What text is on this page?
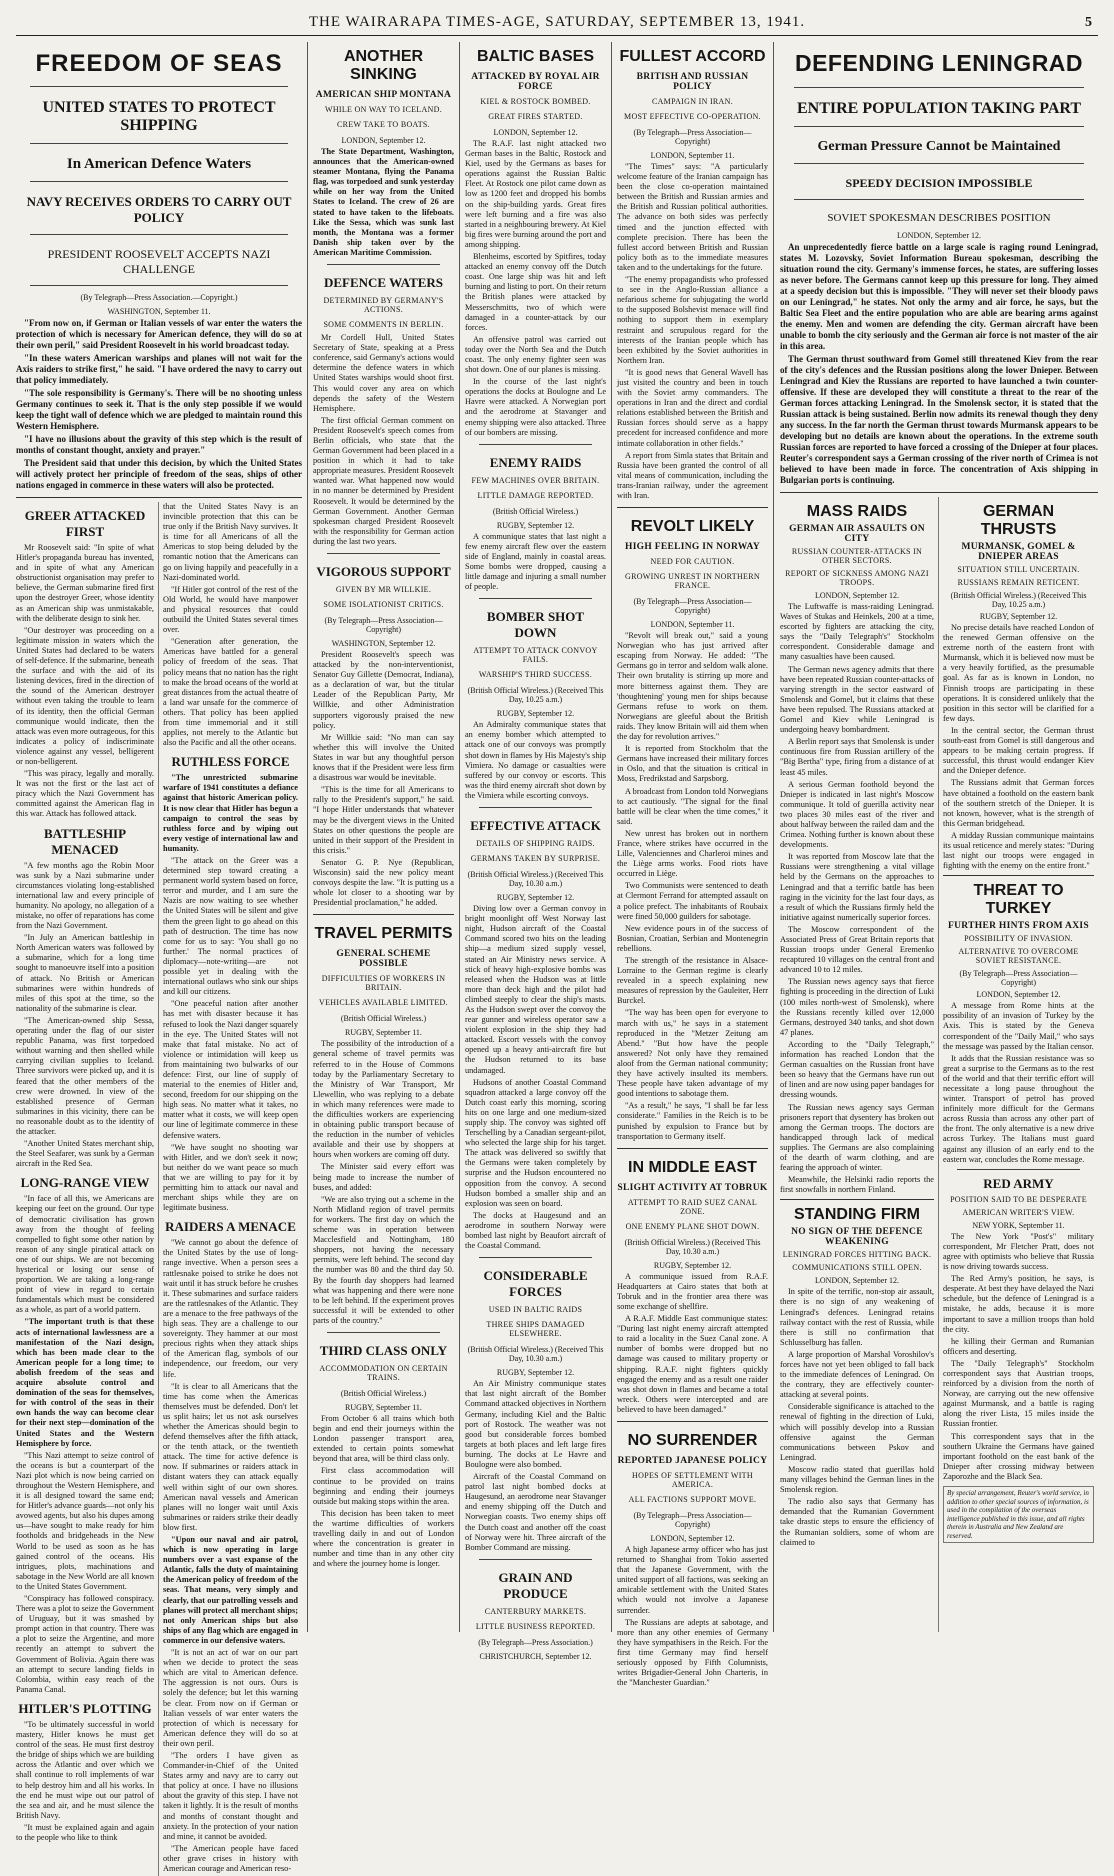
THE WAIRARAPA TIMES-AGE, SATURDAY, SEPTEMBER 13, 1941.	5
FREEDOM OF SEAS
UNITED STATES TO PROTECT SHIPPING
In American Defence Waters
NAVY RECEIVES ORDERS TO CARRY OUT POLICY
PRESIDENT ROOSEVELT ACCEPTS NAZI CHALLENGE
(By Telegraph—Press Association.—Copyright.)
WASHINGTON, September 11.

"From now on, if German or Italian vessels of war enter the waters the protection of which is necessary for American defence, they will do so at their own peril," said President Roosevelt in his world broadcast today.

"In these waters American warships and planes will not wait for the Axis raiders to strike first," he said. "I have ordered the navy to carry out that policy immediately.

"The sole responsibility is Germany's. There will be no shooting unless Germany continues to seek it. That is the only step possible if we would keep the tight wall of defence which we are pledged to maintain round this Western Hemisphere.

"I have no illusions about the gravity of this step which is the result of months of constant thought, anxiety and prayer."

The President said that under this decision, by which the United States will actively protect her principle of freedom of the seas, ships of other nations engaged in commerce in these waters will also be protected.

GREER ATTACKED FIRST

Mr Roosevelt said: "In spite of what Hitler's propaganda bureau has invented, and in spite of what any American obstructionist organisation may prefer to believe, the German submarine fired first upon the destroyer Greer, whose identity as an American ship was unmistakable, with the deliberate design to sink her.

"Our destroyer was proceeding on a legitimate mission in waters which the United States had declared to be waters of self-defence. If the submarine, beneath the surface and with the aid of its listening devices, fired in the direction of the sound of the American destroyer without even taking the trouble to learn of its identity, then the official German communique would indicate, then the attack was even more outrageous, for this indicates a policy of indiscriminate violence against any vessel, belligerent or non-belligerent.

"This was piracy, legally and morally. It was not the first or the last act of piracy which the Nazi Government has committed against the American flag in this war. Attack has followed attack.

BATTLESHIP MENACED

"A few months ago the Robin Moor was sunk by a Nazi submarine under circumstances violating long-established international law and every principle of humanity. No apology, no allegation of a mistake, no offer of reparations has come from the Nazi Government.

"In July an American battleship in North American waters was followed by a submarine, which for a long time sought to manoeuvre itself into a position of attack. No British or American submarines were within hundreds of miles of this spot at the time, so the nationality of the submarine is clear.

"The American-owned ship Sessa, operating under the flag of our sister republic Panama, was first torpedoed without warning and then shelled while carrying civilian supplies to Iceland. Three survivors were picked up, and it is feared that the other members of the crew were drowned. In view of the established presence of German submarines in this vicinity, there can be no reasonable doubt as to the identity of the attacker.

"Another United States merchant ship, the Steel Seafarer, was sunk by a German aircraft in the Red Sea.

LONG-RANGE VIEW

"In face of all this, we Americans are keeping our feet on the ground. Our type of democratic civilisation has grown away from the thought of feeling compelled to fight some other nation by reason of any single piratical attack on one of our ships. We are not becoming hysterical or losing our sense of proportion. We are taking a long-range point of view in regard to certain fundamentals which must be considered as a whole, as part of a world pattern.

"The important truth is that these acts of international lawlessness are a manifestation of the Nazi design, which has been made clear to the American people for a long time; to abolish freedom of the seas and acquire absolute control and domination of the seas for themselves, for with control of the seas in their own hands the way can become clear for their next step—domination of the United States and the Western Hemisphere by force.

"This Nazi attempt to seize control of the oceans is but a counterpart of the Nazi plot which is now being carried on throughout the Western Hemisphere, and it is all designed toward the same end; for Hitler's advance guards—not only his avowed agents, but also his dupes among us—have sought to make ready for him footholds and bridgeheads in the New World to be used as soon as he has gained control of the oceans. His intrigues, plots, machinations and sabotage in the New World are all known to the United States Government.

"Conspiracy has followed conspiracy. There was a plot to seize the Government of Uruguay, but it was smashed by prompt action in that country. There was a plot to seize the Argentine, and more recently an attempt to subvert the Government of Bolivia. Again there was an attempt to secure landing fields in Colombia, within easy reach of the Panama Canal.

HITLER'S PLOTTING

"To be ultimately successful in world mastery, Hitler knows he must get control of the seas. He must first destroy the bridge of ships which we are building across the Atlantic and over which we shall continue to roll implements of war to help destroy him and all his works. In the end he must wipe out our patrol of the sea and air, and he must silence the British Navy.

"It must be explained again and again to the people who like to think

that the United States Navy is an invincible protection that this can be true only if the British Navy survives. It is time for all Americans of all the Americas to stop being deluded by the romantic notion that the Americans can go on living happily and peacefully in a Nazi-dominated world.

"If Hitler got control of the rest of the Old World, he would have manpower and physical resources that could outbuild the United States several times over.

"Generation after generation, the Americas have battled for a general policy of freedom of the seas. That policy means that no nation has the right to make the broad oceans of the world at great distances from the actual theatre of a land war unsafe for the commerce of others. That policy has been applied from time immemorial and it still applies, not merely to the Atlantic but also the Pacific and all the other oceans.

RUTHLESS FORCE

"The unrestricted submarine warfare of 1941 constitutes a defiance against that historic American policy. It is now clear that Hitler has begun a campaign to control the seas by ruthless force and by wiping out every vestige of international law and humanity.

"The attack on the Greer was a determined step toward creating a permanent world system based on force, terror and murder, and I am sure the Nazis are now waiting to see whether the United States will be silent and give them the green light to go ahead on this path of destruction. The time has now come for us to say: 'You shall go no further.' The normal practices of diplomacy—note-writing—are not possible yet in dealing with the international outlaws who sink our ships and kill our citizens.

"One peaceful nation after another has met with disaster because it has refused to look the Nazi danger squarely in the eye. The United States will not make that fatal mistake. No act of violence or intimidation will keep us from maintaining two bulwarks of our defence: First, our line of supply of material to the enemies of Hitler and, second, freedom for our shipping on the high seas. No matter what it takes, no matter what it costs, we will keep open our line of legitimate commerce in these defensive waters.

"We have sought no shooting war with Hitler, and we don't seek it now; but neither do we want peace so much that we are willing to pay for it by permitting him to attack our naval and merchant ships while they are on legitimate business.

RAIDERS A MENACE

"We cannot go about the defence of the United States by the use of long-range invective. When a person sees a rattlesnake poised to strike he does not wait until it has struck before he crushes it. These submarines and surface raiders are the rattlesnakes of the Atlantic. They are a menace to the free pathways of the high seas. They are a challenge to our sovereignty. They hammer at our most precious rights when they attack ships of the American flag, symbols of our independence, our freedom, our very life.

"It is clear to all Americans that the time has come when the Americas themselves must be defended. Don't let us split hairs; let us not ask ourselves whether the Americas should begin to defend themselves after the fifth attack, or the tenth attack, or the twentieth attack. The time for active defence is now. If submarines or raiders attack in distant waters they can attack equally well within sight of our own shores. American naval vessels and American planes will no longer wait until Axis submarines or raiders strike their deadly blow first.

"Upon our naval and air patrol, which is now operating in large numbers over a vast expanse of the Atlantic, falls the duty of maintaining the American policy of freedom of the seas. That means, very simply and clearly, that our patrolling vessels and planes will protect all merchant ships; not only American ships but also ships of any flag which are engaged in commerce in our defensive waters.

"It is not an act of war on our part when we decide to protect the seas which are vital to American defence. The aggression is not ours. Ours is solely the defence; but let this warning be clear. From now on if German or Italian vessels of war enter waters the protection of which is necessary for American defence they will do so at their own peril.

"The orders I have given as Commander-in-Chief of the United States army and navy are to carry out that policy at once. I have no illusions about the gravity of this step. I have not taken it lightly. It is the result of months and months of constant thought and anxiety. In the protection of your nation and mine, it cannot be avoided.

"The American people have faced other grave crises in history with American courage and American reso-

ANOTHER SINKING
AMERICAN SHIP MONTANA
WHILE ON WAY TO ICELAND.
CREW TAKE TO BOATS.
LONDON, September 12.

The State Department, Washington, announces that the American-owned steamer Montana, flying the Panama flag, was torpedoed and sunk yesterday while on her way from the United States to Iceland. The crew of 26 are stated to have taken to the lifeboats. Like the Sessa, which was sunk last month, the Montana was a former Danish ship taken over by the American Maritime Commission.

DEFENCE WATERS
DETERMINED BY GERMANY'S ACTIONS.
SOME COMMENTS IN BERLIN.

Mr Cordell Hull, United States Secretary of State, speaking at a Press conference, said Germany's actions would determine the defence waters in which United States warships would shoot first. This would cover any area on which depends the safety of the Western Hemisphere.

The first official German comment on President Roosevelt's speech comes from Berlin officials, who state that the German Government had been placed in a position in which it had to take appropriate measures. President Roosevelt wanted war. What happened now would in no manner be determined by President Roosevelt. It would be determined by the German Government. Another German spokesman charged President Roosevelt with the responsibility for German action during the last two years.

VIGOROUS SUPPORT
GIVEN BY MR WILLKIE.
SOME ISOLATIONIST CRITICS.
(By Telegraph—Press Association—Copyright)
WASHINGTON, September 12.

President Roosevelt's speech was attacked by the non-interventionist, Senator Guy Gillette (Democrat, Indiana), as a declaration of war, but the titular Leader of the Republican Party, Mr Willkie, and other Administration supporters vigorously praised the new policy.

Mr Willkie said: "No man can say whether this will involve the United States in war but any thoughtful person knows that if the President were less firm a disastrous war would be inevitable.

"This is the time for all Americans to rally to the President's support," he said. "I hope Hitler understands that whatever may be the divergent views in the United States on other questions the people are united in their support of the President in this crisis."

Senator G. P. Nye (Republican, Wisconsin) said the new policy meant convoys despite the law. "It is putting us a whole lot closer to a shooting war by Presidential proclamation," he added.

TRAVEL PERMITS
GENERAL SCHEME POSSIBLE
DIFFICULTIES OF WORKERS IN BRITAIN.
VEHICLES AVAILABLE LIMITED.
(British Official Wireless.)
RUGBY, September 11.

The possibility of the introduction of a general scheme of travel permits was referred to in the House of Commons today by the Parliamentary Secretary to the Ministry of War Transport, Mr Llewellin, who was replying to a debate in which many references were made to the difficulties workers are experiencing in obtaining public transport because of the reduction in the number of vehicles available and their use by shoppers at hours when workers are coming off duty.

The Minister said every effort was being made to increase the number of buses, and added:

"We are also trying out a scheme in the North Midland region of travel permits for workers. The first day on which the scheme was in operation between Macclesfield and Nottingham, 180 shoppers, not having the necessary permits, were left behind. The second day the number was 80 and the third day 50. By the fourth day shoppers had learned what was happening and there were none to be left behind. If the experiment proves successful it will be extended to other parts of the country."

THIRD CLASS ONLY
ACCOMMODATION ON CERTAIN TRAINS.
(British Official Wireless.)
RUGBY, September 11.

From October 6 all trains which both begin and end their journeys within the London passenger transport area, extended to certain points somewhat beyond that area, will be third class only.

First class accommodation will continue to be provided on trains beginning and ending their journeys outside but making stops within the area.

This decision has been taken to meet the wartime difficulties of workers travelling daily in and out of London where the concentration is greater in number and time than in any other city and where the journey home is longer.

BALTIC BASES
ATTACKED BY ROYAL AIR FORCE
KIEL & ROSTOCK BOMBED.
GREAT FIRES STARTED.
LONDON, September 12.

The R.A.F. last night attacked two German bases in the Baltic, Rostock and Kiel, used by the Germans as bases for operations against the Russian Baltic Fleet. At Rostock one pilot came down as low as 1200 feet and dropped his bombs on the ship-building yards. Great fires were left burning and a fire was also started in a neighbouring brewery. At Kiel big fires were burning around the port and among shipping.

Blenheims, escorted by Spitfires, today attacked an enemy convoy off the Dutch coast. One large ship was hit and left burning and listing to port. On their return the British planes were attacked by Messerschmitts, two of which were damaged in a counter-attack by our forces.

An offensive patrol was carried out today over the North Sea and the Dutch coast. The only enemy fighter seen was shot down. One of our planes is missing.

In the course of the last night's operations the docks at Boulogne and Le Havre were attacked. A Norwegian port and the aerodrome at Stavanger and enemy shipping were also attacked. Three of our bombers are missing.

ENEMY RAIDS
FEW MACHINES OVER BRITAIN.
LITTLE DAMAGE REPORTED.
(British Official Wireless.)
RUGBY, September 12.

A communique states that last night a few enemy aircraft flew over the eastern side of England, mainly in coastal areas. Some bombs were dropped, causing a little damage and injuring a small number of people.

BOMBER SHOT DOWN
ATTEMPT TO ATTACK CONVOY FAILS.
WARSHIP'S THIRD SUCCESS.
(British Official Wireless.) (Received This Day, 10.25 a.m.)
RUGBY, September 12.

An Admiralty communique states that an enemy bomber which attempted to attack one of our convoys was promptly shot down in flames by His Majesty's ship Vimiera. No damage or casualties were suffered by our convoy or escorts. This was the third enemy aircraft shot down by the Vimiera while escorting convoys.

EFFECTIVE ATTACK
DETAILS OF SHIPPING RAIDS.
GERMANS TAKEN BY SURPRISE.
(British Official Wireless.) (Received This Day, 10.30 a.m.)
RUGBY, September 12.

Diving low over a German convoy in bright moonlight off West Norway last night, Hudson aircraft of the Coastal Command scored two hits on the leading ship—a medium sized supply vessel, stated an Air Ministry news service. A stick of heavy high-explosive bombs was released when the Hudson was at little more than deck high and the pilot had climbed steeply to clear the ship's masts. As the Hudson swept over the convoy the rear gunner and wireless operator saw a violent explosion in the ship they had attacked. Escort vessels with the convoy opened up a heavy anti-aircraft fire but the Hudson returned to its base undamaged.

Hudsons of another Coastal Command squadron attacked a large convoy off the Dutch coast early this morning, scoring hits on one large and one medium-sized supply ship. The convoy was sighted off Terschelling by a Canadian sergeant-pilot, who selected the large ship for his target. The attack was delivered so swiftly that the Germans were taken completely by surprise and the Hudson encountered no opposition from the convoy. A second Hudson bombed a smaller ship and an explosion was seen on board.

The docks at Haugesund and an aerodrome in southern Norway were bombed last night by Beaufort aircraft of the Coastal Command.

CONSIDERABLE FORCES
USED IN BALTIC RAIDS
THREE SHIPS DAMAGED ELSEWHERE.
(British Official Wireless.) (Received This Day, 10.30 a.m.)
RUGBY, September 12.

An Air Ministry communique states that last night aircraft of the Bomber Command attacked objectives in Northern Germany, including Kiel and the Baltic port of Rostock. The weather was not good but considerable forces bombed targets at both places and left large fires burning. The docks at Le Havre and Boulogne were also bombed.

Aircraft of the Coastal Command on patrol last night bombed docks at Haugesund, an aerodrome near Stavanger and enemy shipping off the Dutch and Norwegian coasts. Two enemy ships off the Dutch coast and another off the coast of Norway were hit. Three aircraft of the Bomber Command are missing.

GRAIN AND PRODUCE
CANTERBURY MARKETS.
LITTLE BUSINESS REPORTED.
(By Telegraph—Press Association.)
CHRISTCHURCH, September 12.

FULLEST ACCORD
BRITISH AND RUSSIAN POLICY
CAMPAIGN IN IRAN.
MOST EFFECTIVE CO-OPERATION.
(By Telegraph—Press Association—Copyright)
LONDON, September 11.

"The Times" says: "A particularly welcome feature of the Iranian campaign has been the close co-operation maintained between the British and Russian armies and the British and Russian political authorities. The advance on both sides was perfectly timed and the junction effected with complete precision. There has been the fullest accord between British and Russian policy both as to the immediate measures taken and to the undertakings for the future.

"The enemy propagandists who professed to see in the Anglo-Russian alliance a nefarious scheme for subjugating the world to the supposed Bolshevist menace will find nothing to support them in exemplary restraint and scrupulous regard for the interests of the Iranian people which has been exhibited by the Soviet authorities in Northern Iran.

"It is good news that General Wavell has just visited the country and been in touch with the Soviet army commanders. The operations in Iran and the direct and cordial relations established between the British and Russian forces should serve as a happy precedent for increased confidence and more intimate collaboration in other fields."

A report from Simla states that Britain and Russia have been granted the control of all vital means of communication, including the trans-Iranian railway, under the agreement with Iran.

REVOLT LIKELY
HIGH FEELING IN NORWAY
NEED FOR CAUTION.
GROWING UNREST IN NORTHERN FRANCE.
(By Telegraph—Press Association—Copyright)
LONDON, September 11.

"Revolt will break out," said a young Norwegian who has just arrived after escaping from Norway. He added: "The Germans go in terror and seldom walk alone. Their own brutality is stirring up more and more bitterness against them. They are 'thoughtening' young men for ships because Germans refuse to work on them. Norwegians are gleeful about the British raids. They know Britain will aid them when the day for revolution arrives."

It is reported from Stockholm that the Germans have increased their military forces in Oslo, and that the situation is critical in Moss, Fredrikstad and Sarpsborg.

A broadcast from London told Norwegians to act cautiously. "The signal for the final battle will be clear when the time comes," it said.

New unrest has broken out in northern France, where strikes have occurred in the Lille, Valenciennes and Charleroi mines and the Liège arms works. Food riots have occurred in Liège.

Two Communists were sentenced to death at Clermont Ferrand for attempted assault on a police prefect. The inhabitants of Roubaix were fined 50,000 guilders for sabotage.

New evidence pours in of the success of Bosnian, Croatian, Serbian and Montenegrin rebellions.

The strength of the resistance in Alsace-Lorraine to the German regime is clearly revealed in a speech explaining new measures of repression by the Gauleiter, Herr Burckel.

"The way has been open for everyone to march with us," he says in a statement reproduced in the "Metzer Zeitung am Abend." "But how have the people answered? Not only have they remained aloof from the German national community; they have actively insulted its members. These people have taken advantage of my good intentions to sabotage them.

"As a result," he says, "I shall be far less considerate." Families in the Reich is to be punished by expulsion to France but by transportation to Germany itself.

IN MIDDLE EAST
SLIGHT ACTIVITY AT TOBRUK
ATTEMPT TO RAID SUEZ CANAL ZONE.
ONE ENEMY PLANE SHOT DOWN.
(British Official Wireless.) (Received This Day, 10.30 a.m.)
RUGBY, September 12.

A communique issued from R.A.F. Headquarters at Cairo states that both at Tobruk and in the frontier area there was some exchange of shellfire.

A R.A.F. Middle East communique states: "During last night enemy aircraft attempted to raid a locality in the Suez Canal zone. A number of bombs were dropped but no damage was caused to military property or shipping. R.A.F. night fighters quickly engaged the enemy and as a result one raider was shot down in flames and became a total wreck. Others were intercepted and are believed to have been damaged."

NO SURRENDER
REPORTED JAPANESE POLICY
HOPES OF SETTLEMENT WITH AMERICA.
ALL FACTIONS SUPPORT MOVE.
(By Telegraph—Press Association—Copyright)
LONDON, September 12.

A high Japanese army officer who has just returned to Shanghai from Tokio asserted that the Japanese Government, with the united support of all factions, was seeking an amicable settlement with the United States which would not involve a Japanese surrender.

The Russians are adepts at sabotage, and more than any other enemies of Germany they have sympathisers in the Reich. For the first time Germany may find herself seriously opposed by Fifth Columnists, writes Brigadier-General John Charteris, in the "Manchester Guardian."

DEFENDING LENINGRAD
ENTIRE POPULATION TAKING PART
German Pressure Cannot be Maintained
SPEEDY DECISION IMPOSSIBLE
SOVIET SPOKESMAN DESCRIBES POSITION
LONDON, September 12.

An unprecedentedly fierce battle on a large scale is raging round Leningrad, states M. Lozovsky, Soviet Information Bureau spokesman, describing the situation round the city. Germany's immense forces, he states, are suffering losses as never before. The Germans cannot keep up this pressure for long. They aimed at a speedy decision but this is impossible. "They will never set their bloody paws on our Leningrad," he states. Not only the army and air force, he says, but the Baltic Sea Fleet and the entire population who are able are bearing arms against the enemy. Men and women are defending the city. German aircraft have been unable to bomb the city seriously and the German air force is not master of the air in this area.

The German thrust southward from Gomel still threatened Kiev from the rear of the city's defences and the Russian positions along the lower Dnieper. Between Leningrad and Kiev the Russians are reported to have launched a twin counter-offensive. If these are developed they will constitute a threat to the rear of the German forces attacking Leningrad. In the Smolensk sector, it is stated that the Russian attack is being sustained. Berlin now admits its renewal though they deny any success. In the far north the German thrust towards Murmansk appears to be developing but no details are known about the operations. In the extreme south Russian forces are reported to have forced a crossing of the Dnieper at four places. Reuter's correspondent says a German crossing of the river north of Crimea is not believed to have been made in force. The concentration of Axis shipping in Bulgarian ports is continuing.

MASS RAIDS
GERMAN AIR ASSAULTS ON CITY
RUSSIAN COUNTER-ATTACKS IN OTHER SECTORS.
REPORT OF SICKNESS AMONG NAZI TROOPS.
LONDON, September 12.

The Luftwaffe is mass-raiding Leningrad. Waves of Stukas and Heinkels, 200 at a time, escorted by fighters are attacking the city, says the "Daily Telegraph's" Stockholm correspondent. Considerable damage and many casualties have been caused.

The German news agency admits that there have been repeated Russian counter-attacks of varying strength in the sector eastward of Smolensk and Gomel, but it claims that these have been repulsed. The Russians attacked at Gomel and Kiev while Leningrad is undergoing heavy bombardment.

A Berlin report says that Smolensk is under continuous fire from Russian artillery of the "Big Bertha" type, firing from a distance of at least 45 miles.

A serious German foothold beyond the Dnieper is indicated in last night's Moscow communique. It told of guerilla activity near two places 30 miles east of the river and about halfway between the railed dam and the Crimea. Nothing further is known about these developments.

It was reported from Moscow late that the Russians were strengthening a vital village held by the Germans on the approaches to Leningrad and that a terrific battle has been raging in the vicinity for the last four days, as a result of which the Russians firmly held the initiative against numerically superior forces.

The Moscow correspondent of the Associated Press of Great Britain reports that Russian troops under General Eremenko recaptured 10 villages on the central front and advanced 10 to 12 miles.

The Russian news agency says that fierce fighting is proceeding in the direction of Luki (100 miles north-west of Smolensk), where the Russians recently killed over 12,000 Germans, destroyed 340 tanks, and shot down 47 planes.

According to the "Daily Telegraph," information has reached London that the German casualties on the Russian front have been so heavy that the Germans have run out of linen and are now using paper bandages for dressing wounds.

The Russian news agency says German prisoners report that dysentery has broken out among the German troops. The doctors are handicapped through lack of medical supplies. The Germans are also complaining of the dearth of warm clothing, and are fearing the approach of winter.

Meanwhile, the Helsinki radio reports the first snowfalls in northern Finland.

STANDING FIRM
NO SIGN OF THE DEFENCE WEAKENING
LENINGRAD FORCES HITTING BACK.
COMMUNICATIONS STILL OPEN.
LONDON, September 12.

In spite of the terrific, non-stop air assault, there is no sign of any weakening of Leningrad's defences. Leningrad retains railway contact with the rest of Russia, while there is still no confirmation that Schlusselburg has fallen.

A large proportion of Marshal Voroshilov's forces have not yet been obliged to fall back to the immediate defences of Leningrad. On the contrary, they are effectively counter-attacking at several points.

Considerable significance is attached to the renewal of fighting in the direction of Luki, which will possibly develop into a Russian offensive against the German communications between Pskov and Leningrad.

Moscow radio stated that guerillas hold many villages behind the German lines in the Smolensk region.

The radio also says that Germany has demanded that the Rumanian Government take drastic steps to ensure the efficiency of the Rumanian soldiers, some of whom are claimed to

GERMAN THRUSTS
MURMANSK, GOMEL & DNIEPER AREAS
SITUATION STILL UNCERTAIN.
RUSSIANS REMAIN RETICENT.
(British Official Wireless.) (Received This Day, 10.25 a.m.)
RUGBY, September 12.

No precise details have reached London of the renewed German offensive on the extreme north of the eastern front with Murmansk, which it is believed now must be a very heavily fortified, as the presumable goal. As far as is known in London, no Finnish troops are participating in these operations. It is considered unlikely that the position in this sector will be clarified for a few days.

In the central sector, the German thrust south-east from Gomel is still dangerous and appears to be making certain progress. If successful, this thrust would endanger Kiev and the Dnieper defence.

The Russians admit that German forces have obtained a foothold on the eastern bank of the southern stretch of the Dnieper. It is not known, however, what is the strength of this German bridgehead.

A midday Russian communique maintains its usual reticence and merely states: "During last night our troops were engaged in fighting with the enemy on the entire front."

THREAT TO TURKEY
FURTHER HINTS FROM AXIS
POSSIBILITY OF INVASION.
ALTERNATIVE TO OVERCOME SOVIET RESISTANCE.
(By Telegraph—Press Association—Copyright)
LONDON, September 12.

A message from Rome hints at the possibility of an invasion of Turkey by the Axis. This is stated by the Geneva correspondent of the "Daily Mail," who says the message was passed by the Italian censor.

It adds that the Russian resistance was so great a surprise to the Germans as to the rest of the world and that their terrific effort will necessitate a long pause throughout the winter. Transport of petrol has proved infinitely more difficult for the Germans across Russia than across any other part of the front. The only alternative is a new drive across Turkey. The Italians must guard against any illusion of an early end to the eastern war, concludes the Rome message.

RED ARMY
POSITION SAID TO BE DESPERATE
AMERICAN WRITER'S VIEW.
NEW YORK, September 11.

The New York "Post's" military correspondent, Mr Fletcher Pratt, does not agree with optimists who believe that Russia is now driving towards success.

The Red Army's position, he says, is desperate. At best they have delayed the Nazi schedule, but the defence of Leningrad is a mistake, he adds, because it is more important to save a million troops than hold the city.

he killing their German and Rumanian officers and deserting.

The "Daily Telegraph's" Stockholm correspondent says that Austrian troops, reinforced by a division from the north of Norway, are carrying out the new offensive against Murmansk, and a battle is raging along the river Lista, 15 miles inside the Russian frontier.

This correspondent says that in the southern Ukraine the Germans have gained important foothold on the east bank of the Dnieper after crossing midway between Zaporozhe and the Black Sea.

By special arrangement, Reuter's world service, in addition to other special sources of information, is used in the compilation of the overseas intelligence published in this issue, and all rights therein in Australia and New Zealand are reserved.
